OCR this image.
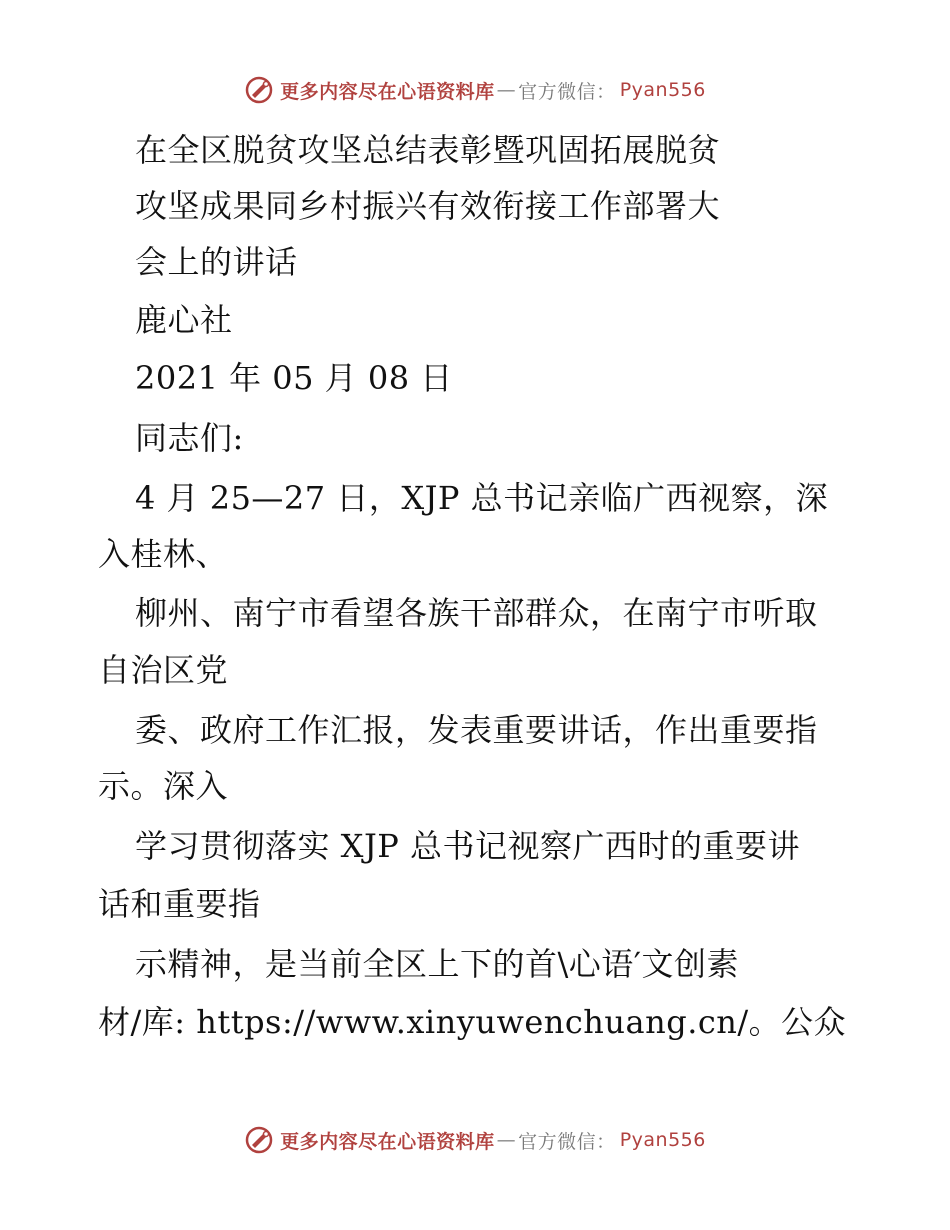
更多内容尽在心语资料库 — 官方微信： Pyan556
在全区脱贫攻坚总结表彰暨巩固拓展脱贫
攻坚成果同乡村振兴有效衔接工作部署大
会上的讲话
鹿心社
2021 年 05 月 08 日
同志们:
4 月 25—27 日，XJP 总书记亲临广西视察，深
入桂林、
柳州、南宁市看望各族干部群众，在南宁市听取
自治区党
委、政府工作汇报，发表重要讲话，作出重要指
示。深入
学习贯彻落实 XJP 总书记视察广西时的重要讲
话和重要指
示精神，是当前全区上下的首\心语′文创素
材/库: https://www.xinyuwenchuang.cn/。公众
更多内容尽在心语资料库 — 官方微信： Pyan556
